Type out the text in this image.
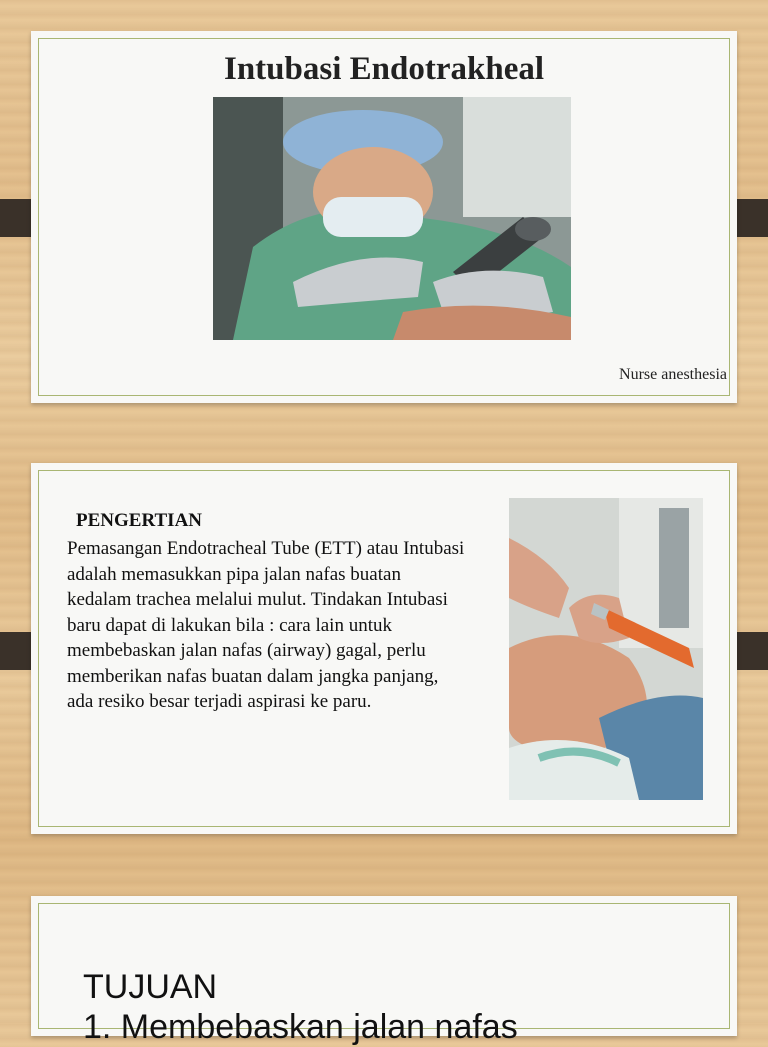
Intubasi Endotrakheal
Nurse anesthesia
PENGERTIAN
Pemasangan Endotracheal Tube (ETT) atau Intubasi adalah memasukkan pipa jalan nafas buatan kedalam trachea melalui mulut. Tindakan Intubasi baru dapat di lakukan bila : cara lain untuk membebaskan jalan nafas (airway) gagal, perlu memberikan nafas buatan dalam jangka panjang, ada resiko besar terjadi aspirasi ke paru.
TUJUAN
1. Membebaskan jalan nafas
